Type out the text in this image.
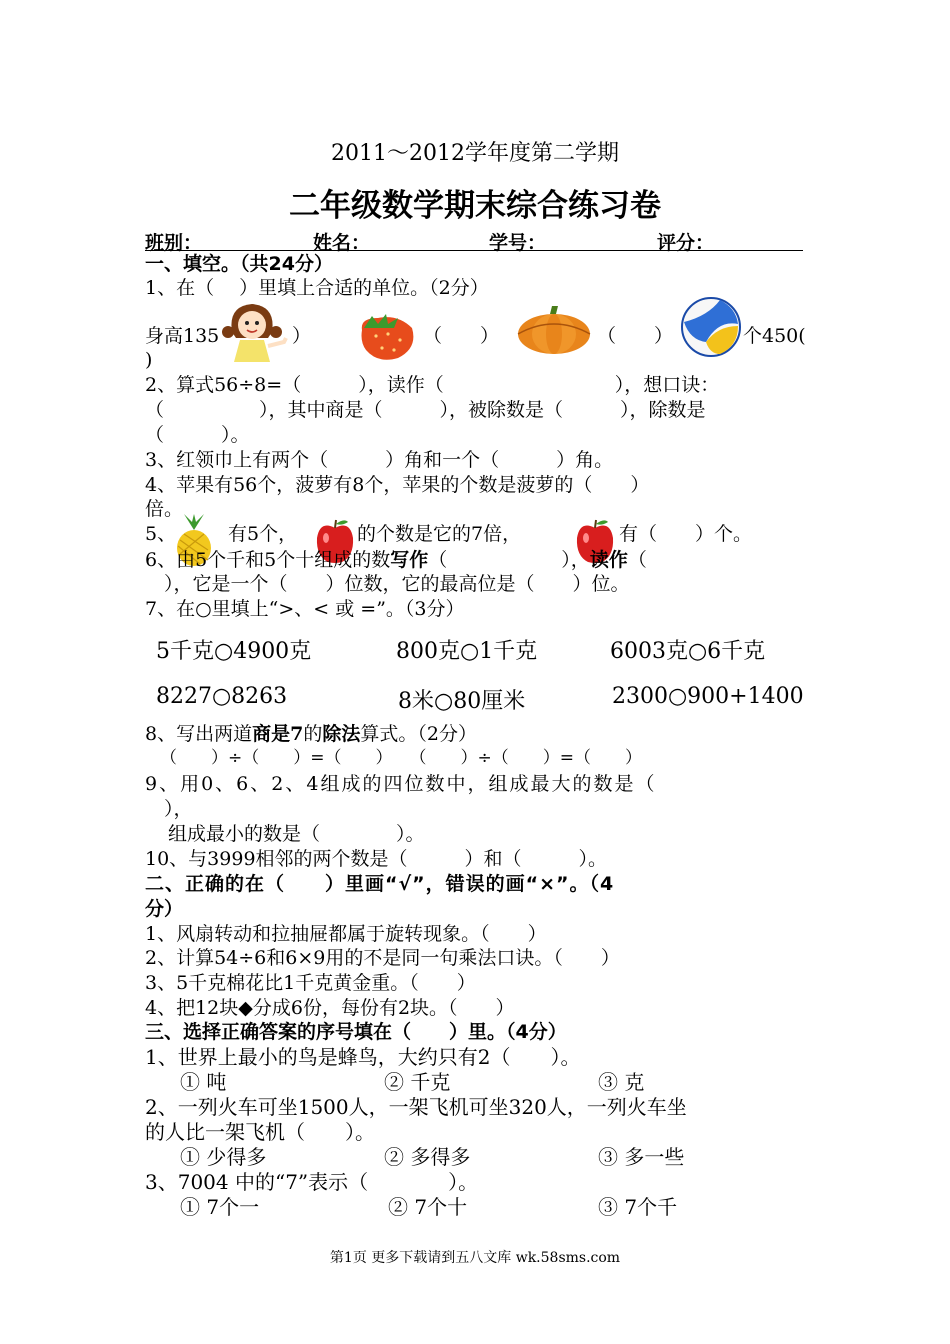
2011～2012学年度第二学期
二年级数学期末综合练习卷
班别：	姓名：	学号：	评分：
一、填空。（共24分）
1、在（　 ）里填上合适的单位。（2分）
身高135	）	（　　）	（　　）	个450(
)
2、算式56÷8=（　　　），读作（　　　　　　　　　），想口诀：
（　　　　　），其中商是（　　　），被除数是（　　　），除数是
（　　　）。
3、红领巾上有两个（　　　）角和一个（　　　）角。
4、苹果有56个，菠萝有8个，苹果的个数是菠萝的（　　）
倍。
5、	有5个，	的个数是它的7倍，	有（　　）个。
6、由5个千和5个十组成的数写作（　　　　　　），读作（
　），它是一个（　　）位数，它的最高位是（　　）位。
7、在○里填上“>、< 或 =”。（3分）
5千克○4900克	800克○1千克	6003克○6千克
8227○8263	8米○80厘米	2300○900+1400
8、写出两道商是7的除法算式。（2分）
（　　）÷（　　）=（　　）　　（　　）÷（　　）=（　　）
9、用0、6、2、4组成的四位数中，组成最大的数是（
　），
组成最小的数是（　　　　）。
10、与3999相邻的两个数是（　　　）和（　　　）。
二、正确的在（　　）里画“√”，错误的画“×”。（4
分）
1、风扇转动和拉抽屉都属于旋转现象。（　　）
2、计算54÷6和6×9用的不是同一句乘法口诀。（　　）
3、5千克棉花比1千克黄金重。（　　）
4、把12块◆分成6份，每份有2块。（　　）
三、选择正确答案的序号填在（　　）里。（4分）
1、世界上最小的鸟是蜂鸟，大约只有2（　　）。
① 吨	② 千克	③ 克
2、一列火车可坐1500人，一架飞机可坐320人，一列火车坐
的人比一架飞机（　　）。
① 少得多	② 多得多	③ 多一些
3、7004 中的“7”表示（　　　　）。
① 7个一	② 7个十	③ 7个千
第1页 更多下载请到五八文库 wk.58sms.com
